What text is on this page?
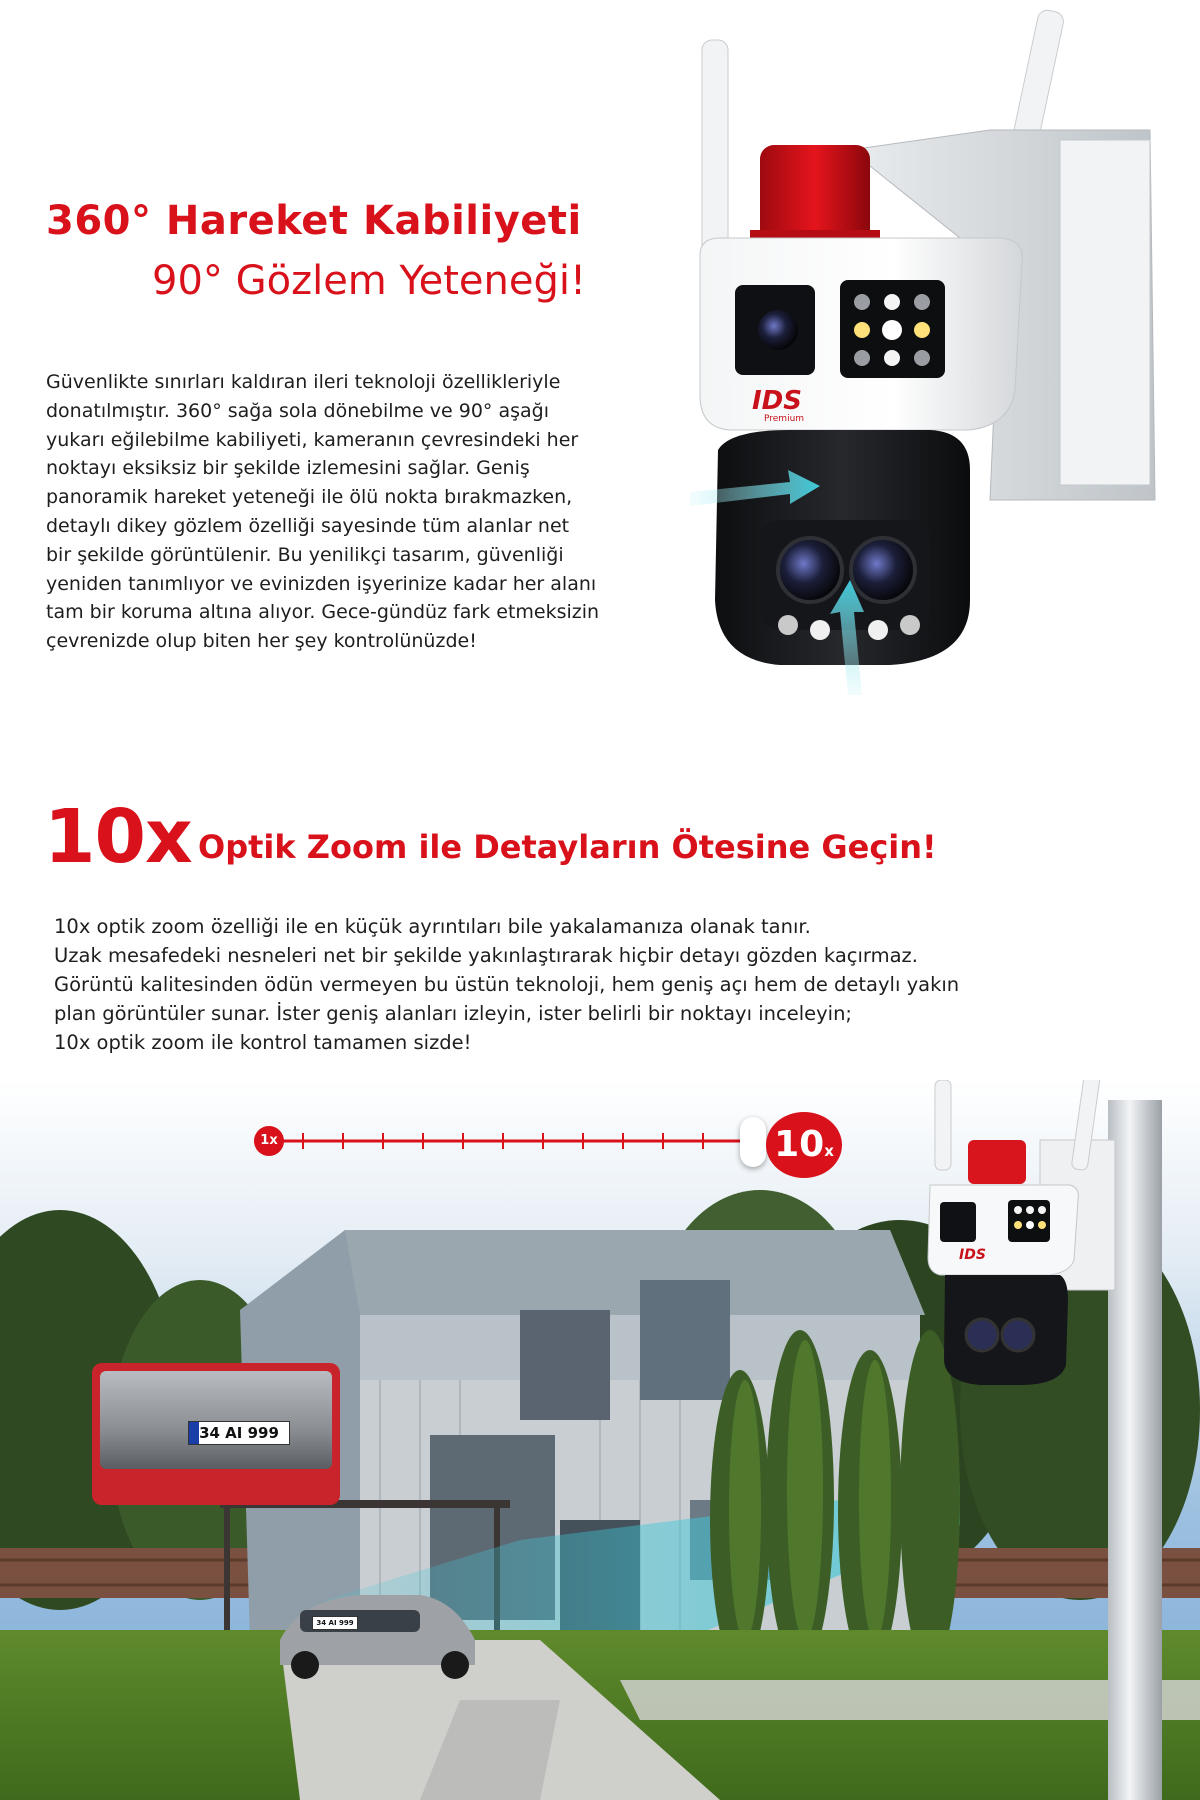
360° Hareket Kabiliyeti
90° Gözlem Yeteneği!
Güvenlikte sınırları kaldıran ileri teknoloji özellikleriyle
donatılmıştır. 360° sağa sola dönebilme ve 90° aşağı
yukarı eğilebilme kabiliyeti, kameranın çevresindeki her
noktayı eksiksiz bir şekilde izlemesini sağlar. Geniş
panoramik hareket yeteneği ile ölü nokta bırakmazken,
detaylı dikey gözlem özelliği sayesinde tüm alanlar net
bir şekilde görüntülenir. Bu yenilikçi tasarım, güvenliği
yeniden tanımlıyor ve evinizden işyerinize kadar her alanı
tam bir koruma altına alıyor. Gece-gündüz fark etmeksizin
çevrenizde olup biten her şey kontrolünüzde!
IDS
Premium
10x Optik Zoom ile Detayların Ötesine Geçin!
10x optik zoom özelliği ile en küçük ayrıntıları bile yakalamanıza olanak tanır.
Uzak mesafedeki nesneleri net bir şekilde yakınlaştırarak hiçbir detayı gözden kaçırmaz.
Görüntü kalitesinden ödün vermeyen bu üstün teknoloji, hem geniş açı hem de detaylı yakın
plan görüntüler sunar. İster geniş alanları izleyin, ister belirli bir noktayı inceleyin;
10x optik zoom ile kontrol tamamen sizde!
1x	10x
34 AI 999
34 AI 999
IDS
